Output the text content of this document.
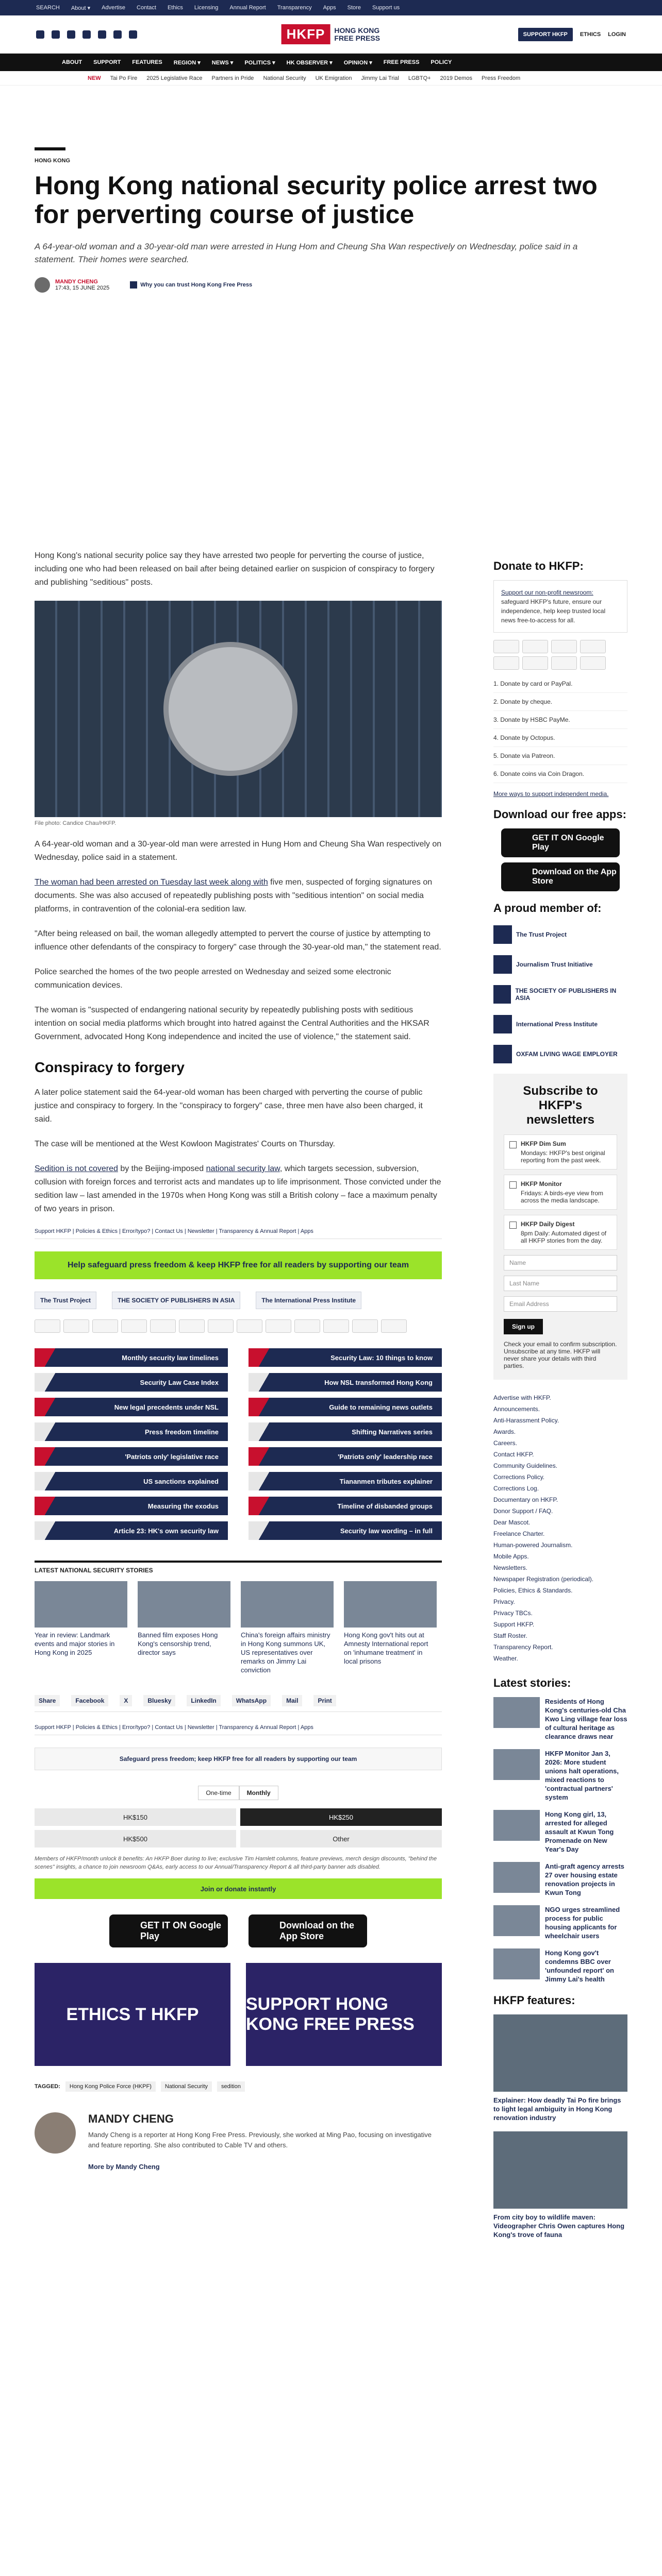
SEARCH About ▾ Advertise Contact Ethics Licensing Annual Report Transparency Apps Store Support us
HKFP	HONG KONG FREE PRESS	SUPPORT HKFP	ETHICS LOGIN
ABOUT SUPPORT FEATURES REGION ▾ NEWS ▾ POLITICS ▾ HK OBSERVER ▾ OPINION ▾ FREE PRESS POLICY
NEW Tai Po Fire 2025 Legislative Race Partners in Pride National Security UK Emigration Jimmy Lai Trial LGBTQ+ 2019 Demos Press Freedom
HONG KONG
Hong Kong national security police arrest two for perverting course of justice
A 64-year-old woman and a 30-year-old man were arrested in Hung Hom and Cheung Sha Wan respectively on Wednesday, police said in a statement. Their homes were searched.
MANDY CHENG
17:43, 15 JUNE 2025	Why you can trust Hong Kong Free Press

Hong Kong's national security police say they have arrested two people for perverting the course of justice, including one who had been released on bail after being detained earlier on suspicion of conspiracy to forgery and publishing "seditious" posts.

File photo: Candice Chau/HKFP.

A 64-year-old woman and a 30-year-old man were arrested in Hung Hom and Cheung Sha Wan respectively on Wednesday, police said in a statement.

The woman had been arrested on Tuesday last week along with five men, suspected of forging signatures on documents. She was also accused of repeatedly publishing posts with "seditious intention" on social media platforms, in contravention of the colonial-era sedition law.

"After being released on bail, the woman allegedly attempted to pervert the course of justice by attempting to influence other defendants of the conspiracy to forgery" case through the 30-year-old man," the statement read.

Police searched the homes of the two people arrested on Wednesday and seized some electronic communication devices.

The woman is "suspected of endangering national security by repeatedly publishing posts with seditious intention on social media platforms which brought into hatred against the Central Authorities and the HKSAR Government, advocated Hong Kong independence and incited the use of violence," the statement said.

Conspiracy to forgery

A later police statement said the 64-year-old woman has been charged with perverting the course of public justice and conspiracy to forgery. In the "conspiracy to forgery" case, three men have also been charged, it said.

The case will be mentioned at the West Kowloon Magistrates' Courts on Thursday.

Sedition is not covered by the Beijing-imposed national security law, which targets secession, subversion, collusion with foreign forces and terrorist acts and mandates up to life imprisonment. Those convicted under the sedition law – last amended in the 1970s when Hong Kong was still a British colony – face a maximum penalty of two years in prison.

Support HKFP | Policies & Ethics | Error/typo? | Contact Us | Newsletter | Transparency & Annual Report | Apps
Help safeguard press freedom & keep HKFP free for all readers by supporting our team
The Trust Project	THE SOCIETY OF PUBLISHERS IN ASIA	The International Press Institute
Monthly security law timelines	Security Law: 10 things to know
Security Law Case Index	How NSL transformed Hong Kong
New legal precedents under NSL	Guide to remaining news outlets
Press freedom timeline	Shifting Narratives series
'Patriots only' legislative race	'Patriots only' leadership race
US sanctions explained	Tiananmen tributes explainer
Measuring the exodus	Timeline of disbanded groups
Article 23: HK's own security law	Security law wording – in full
LATEST NATIONAL SECURITY STORIES
Year in review: Landmark events and major stories in Hong Kong in 2025
Banned film exposes Hong Kong's censorship trend, director says
China's foreign affairs ministry in Hong Kong summons UK, US representatives over remarks on Jimmy Lai conviction
Hong Kong gov't hits out at Amnesty International report on 'inhumane treatment' in local prisons
Share	Facebook	X	Bluesky	LinkedIn	WhatsApp	Mail	Print
Support HKFP | Policies & Ethics | Error/typo? | Contact Us | Newsletter | Transparency & Annual Report | Apps
Safeguard press freedom; keep HKFP free for all readers by supporting our team
One-time	Monthly
HK$150	HK$250
HK$500	Other
Members of HKFP/month unlock 8 benefits: An HKFP Boer during to live; exclusive Tim Hamlett columns, feature previews, merch design discounts, "behind the scenes" insights, a chance to join newsroom Q&As, early access to our Annual/Transparency Report & all third-party banner ads disabled.
Join or donate instantly
GET IT ON Google Play
Download on the App Store
ETHICS T HKFP
SUPPORT HONG KONG FREE PRESS
TAGGED:	Hong Kong Police Force (HKPF)	National Security	sedition
MANDY CHENG

Mandy Cheng is a reporter at Hong Kong Free Press. Previously, she worked at Ming Pao, focusing on investigative and feature reporting. She also contributed to Cable TV and others.

More by Mandy Cheng

Donate to HKFP:
Support our non-profit newsroom: safeguard HKFP's future, ensure our independence, help keep trusted local news free-to-access for all.
1. Donate by card or PayPal.
2. Donate by cheque.
3. Donate by HSBC PayMe.
4. Donate by Octopus.
5. Donate via Patreon.
6. Donate coins via Coin Dragon.
More ways to support independent media.
Download our free apps:
GET IT ON Google Play
Download on the App Store
A proud member of:
The Trust Project
Journalism Trust Initiative
THE SOCIETY OF PUBLISHERS IN ASIA
International Press Institute
OXFAM LIVING WAGE EMPLOYER
Subscribe to HKFP's newsletters
HKFP Dim Sum
Mondays: HKFP's best original reporting from the past week.
HKFP Monitor
Fridays: A birds-eye view from across the media landscape.
HKFP Daily Digest
8pm Daily: Automated digest of all HKFP stories from the day.
Name
Last Name
Email Address
Sign up
Check your email to confirm subscription. Unsubscribe at any time. HKFP will never share your details with third parties.
Advertise with HKFP.
Announcements.
Anti-Harassment Policy.
Awards.
Careers.
Contact HKFP.
Community Guidelines.
Corrections Policy.
Corrections Log.
Documentary on HKFP.
Donor Support / FAQ.
Dear Mascot.
Freelance Charter.
Human-powered Journalism.
Mobile Apps.
Newsletters.
Newspaper Registration (periodical).
Policies, Ethics & Standards.
Privacy.
Privacy TBCs.
Support HKFP.
Staff Roster.
Transparency Report.
Weather.
Latest stories:
Residents of Hong Kong's centuries-old Cha Kwo Ling village fear loss of cultural heritage as clearance draws near
HKFP Monitor Jan 3, 2026: More student unions halt operations, mixed reactions to 'contractual partners' system
Hong Kong girl, 13, arrested for alleged assault at Kwun Tong Promenade on New Year's Day
Anti-graft agency arrests 27 over housing estate renovation projects in Kwun Tong
NGO urges streamlined process for public housing applicants for wheelchair users
Hong Kong gov't condemns BBC over 'unfounded report' on Jimmy Lai's health
HKFP features:
Explainer: How deadly Tai Po fire brings to light legal ambiguity in Hong Kong renovation industry
From city boy to wildlife maven: Videographer Chris Owen captures Hong Kong's trove of fauna
